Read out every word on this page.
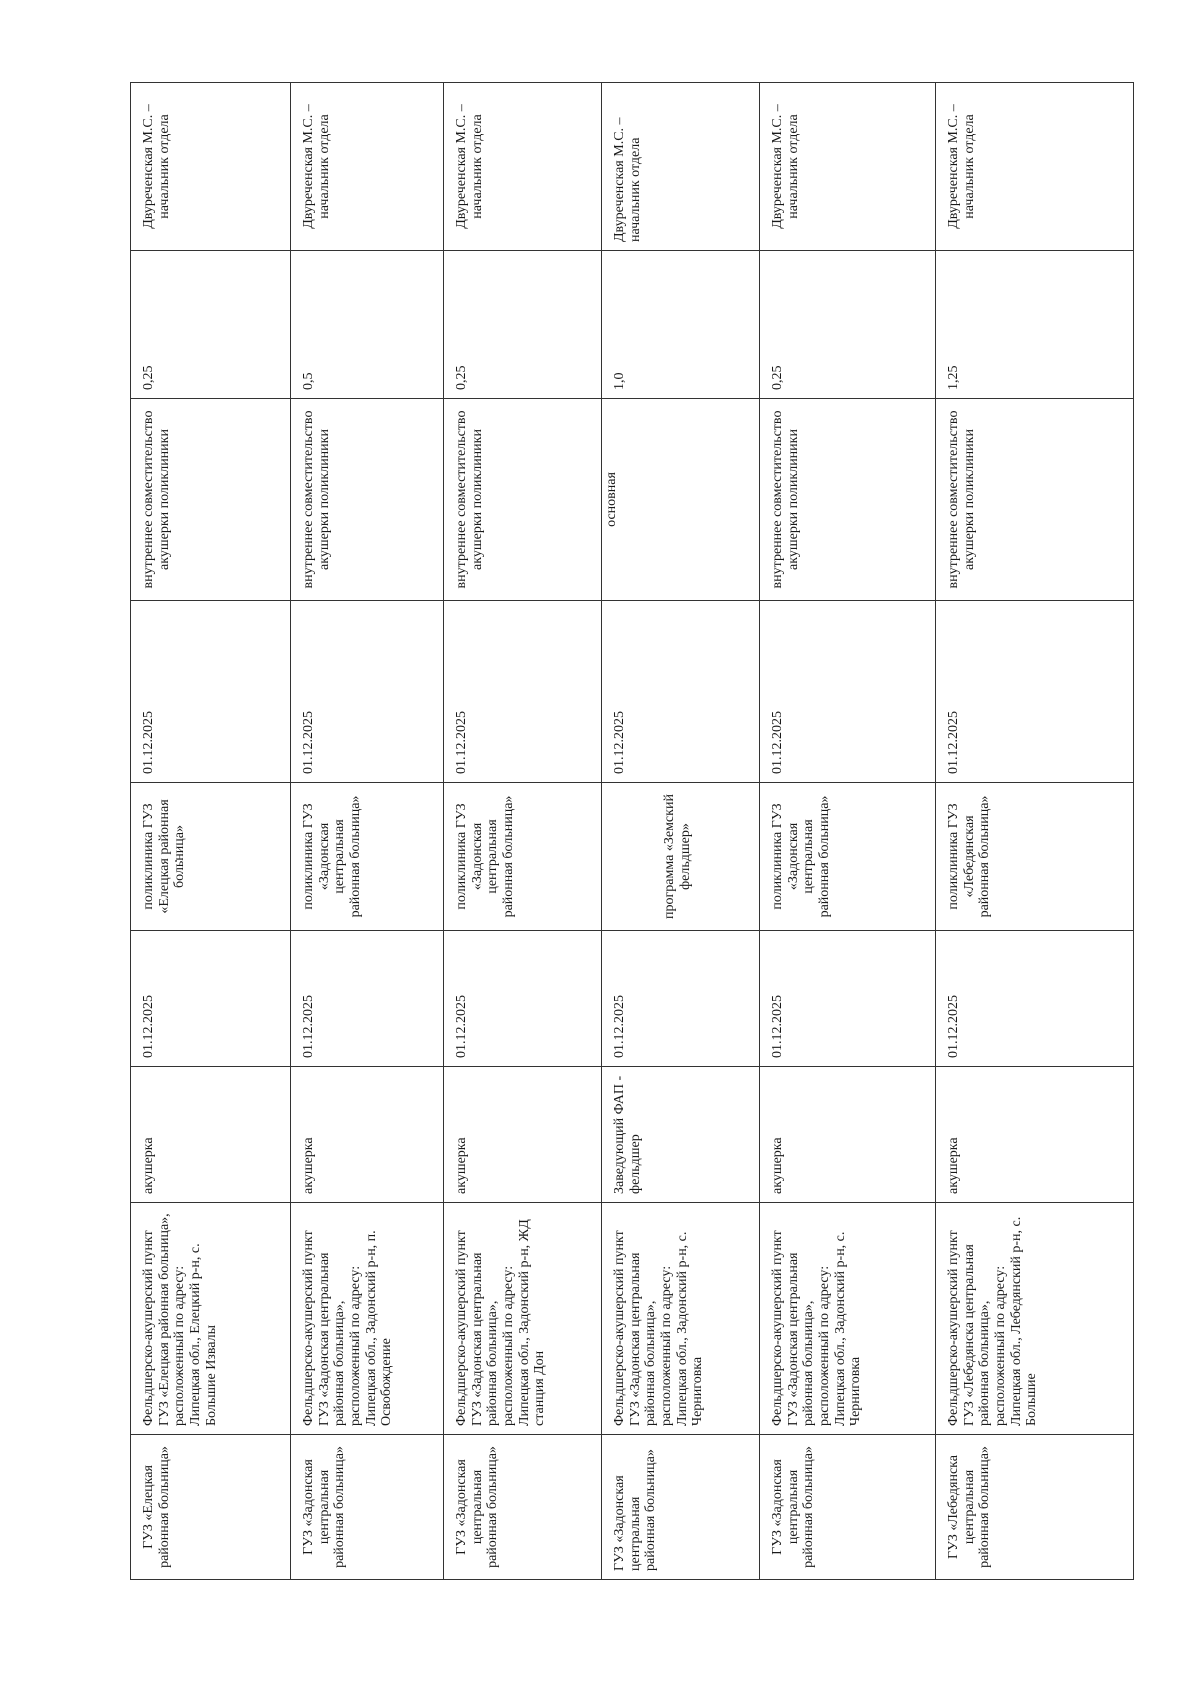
ГУЗ «Елецкая районная больница»	Фельдшерско-акушерский пункт ГУЗ «Елецкая районная больница», расположенный по адресу: Липецкая обл., Елецкий р-н, с. Большие Извалы	акушерка	01.12.2025	поликлиника ГУЗ «Елецкая районная больница»	01.12.2025	внутреннее совместительство акушерки поликлиники	0,25	Двуреченская М.С. – начальник отдела
ГУЗ «Задонская центральная районная больница»	Фельдшерско-акушерский пункт ГУЗ «Задонская центральная районная больница», расположенный по адресу: Липецкая обл., Задонский р-н, п. Освобождение	акушерка	01.12.2025	поликлиника ГУЗ «Задонская центральная районная больница»	01.12.2025	внутреннее совместительство акушерки поликлиники	0,5	Двуреченская М.С. – начальник отдела
ГУЗ «Задонская центральная районная больница»	Фельдшерско-акушерский пункт ГУЗ «Задонская центральная районная больница», расположенный по адресу: Липецкая обл., Задонский р-н, ЖД станция Дон	акушерка	01.12.2025	поликлиника ГУЗ «Задонская центральная районная больница»	01.12.2025	внутреннее совместительство акушерки поликлиники	0,25	Двуреченская М.С. – начальник отдела
ГУЗ «Задонская центральная районная больница»	Фельдшерско-акушерский пункт ГУЗ «Задонская центральная районная больница», расположенный по адресу: Липецкая обл., Задонский р-н, с. Черниговка	Заведующий ФАП - фельдшер	01.12.2025	программа «Земский фельдшер»	01.12.2025	основная	1,0	Двуреченская М.С. – начальник отдела
ГУЗ «Задонская центральная районная больница»	Фельдшерско-акушерский пункт ГУЗ «Задонская центральная районная больница», расположенный по адресу: Липецкая обл., Задонский р-н, с. Черниговка	акушерка	01.12.2025	поликлиника ГУЗ «Задонская центральная районная больница»	01.12.2025	внутреннее совместительство акушерки поликлиники	0,25	Двуреченская М.С. – начальник отдела
ГУЗ «Лебедянска центральная районная больница»	Фельдшерско-акушерский пункт ГУЗ «Лебедянска центральная районная больница», расположенный по адресу: Липецкая обл., Лебедянский р-н, с. Большие	акушерка	01.12.2025	поликлиника ГУЗ «Лебедянская районная больница»	01.12.2025	внутреннее совместительство акушерки поликлиники	1,25	Двуреченская М.С. – начальник отдела
